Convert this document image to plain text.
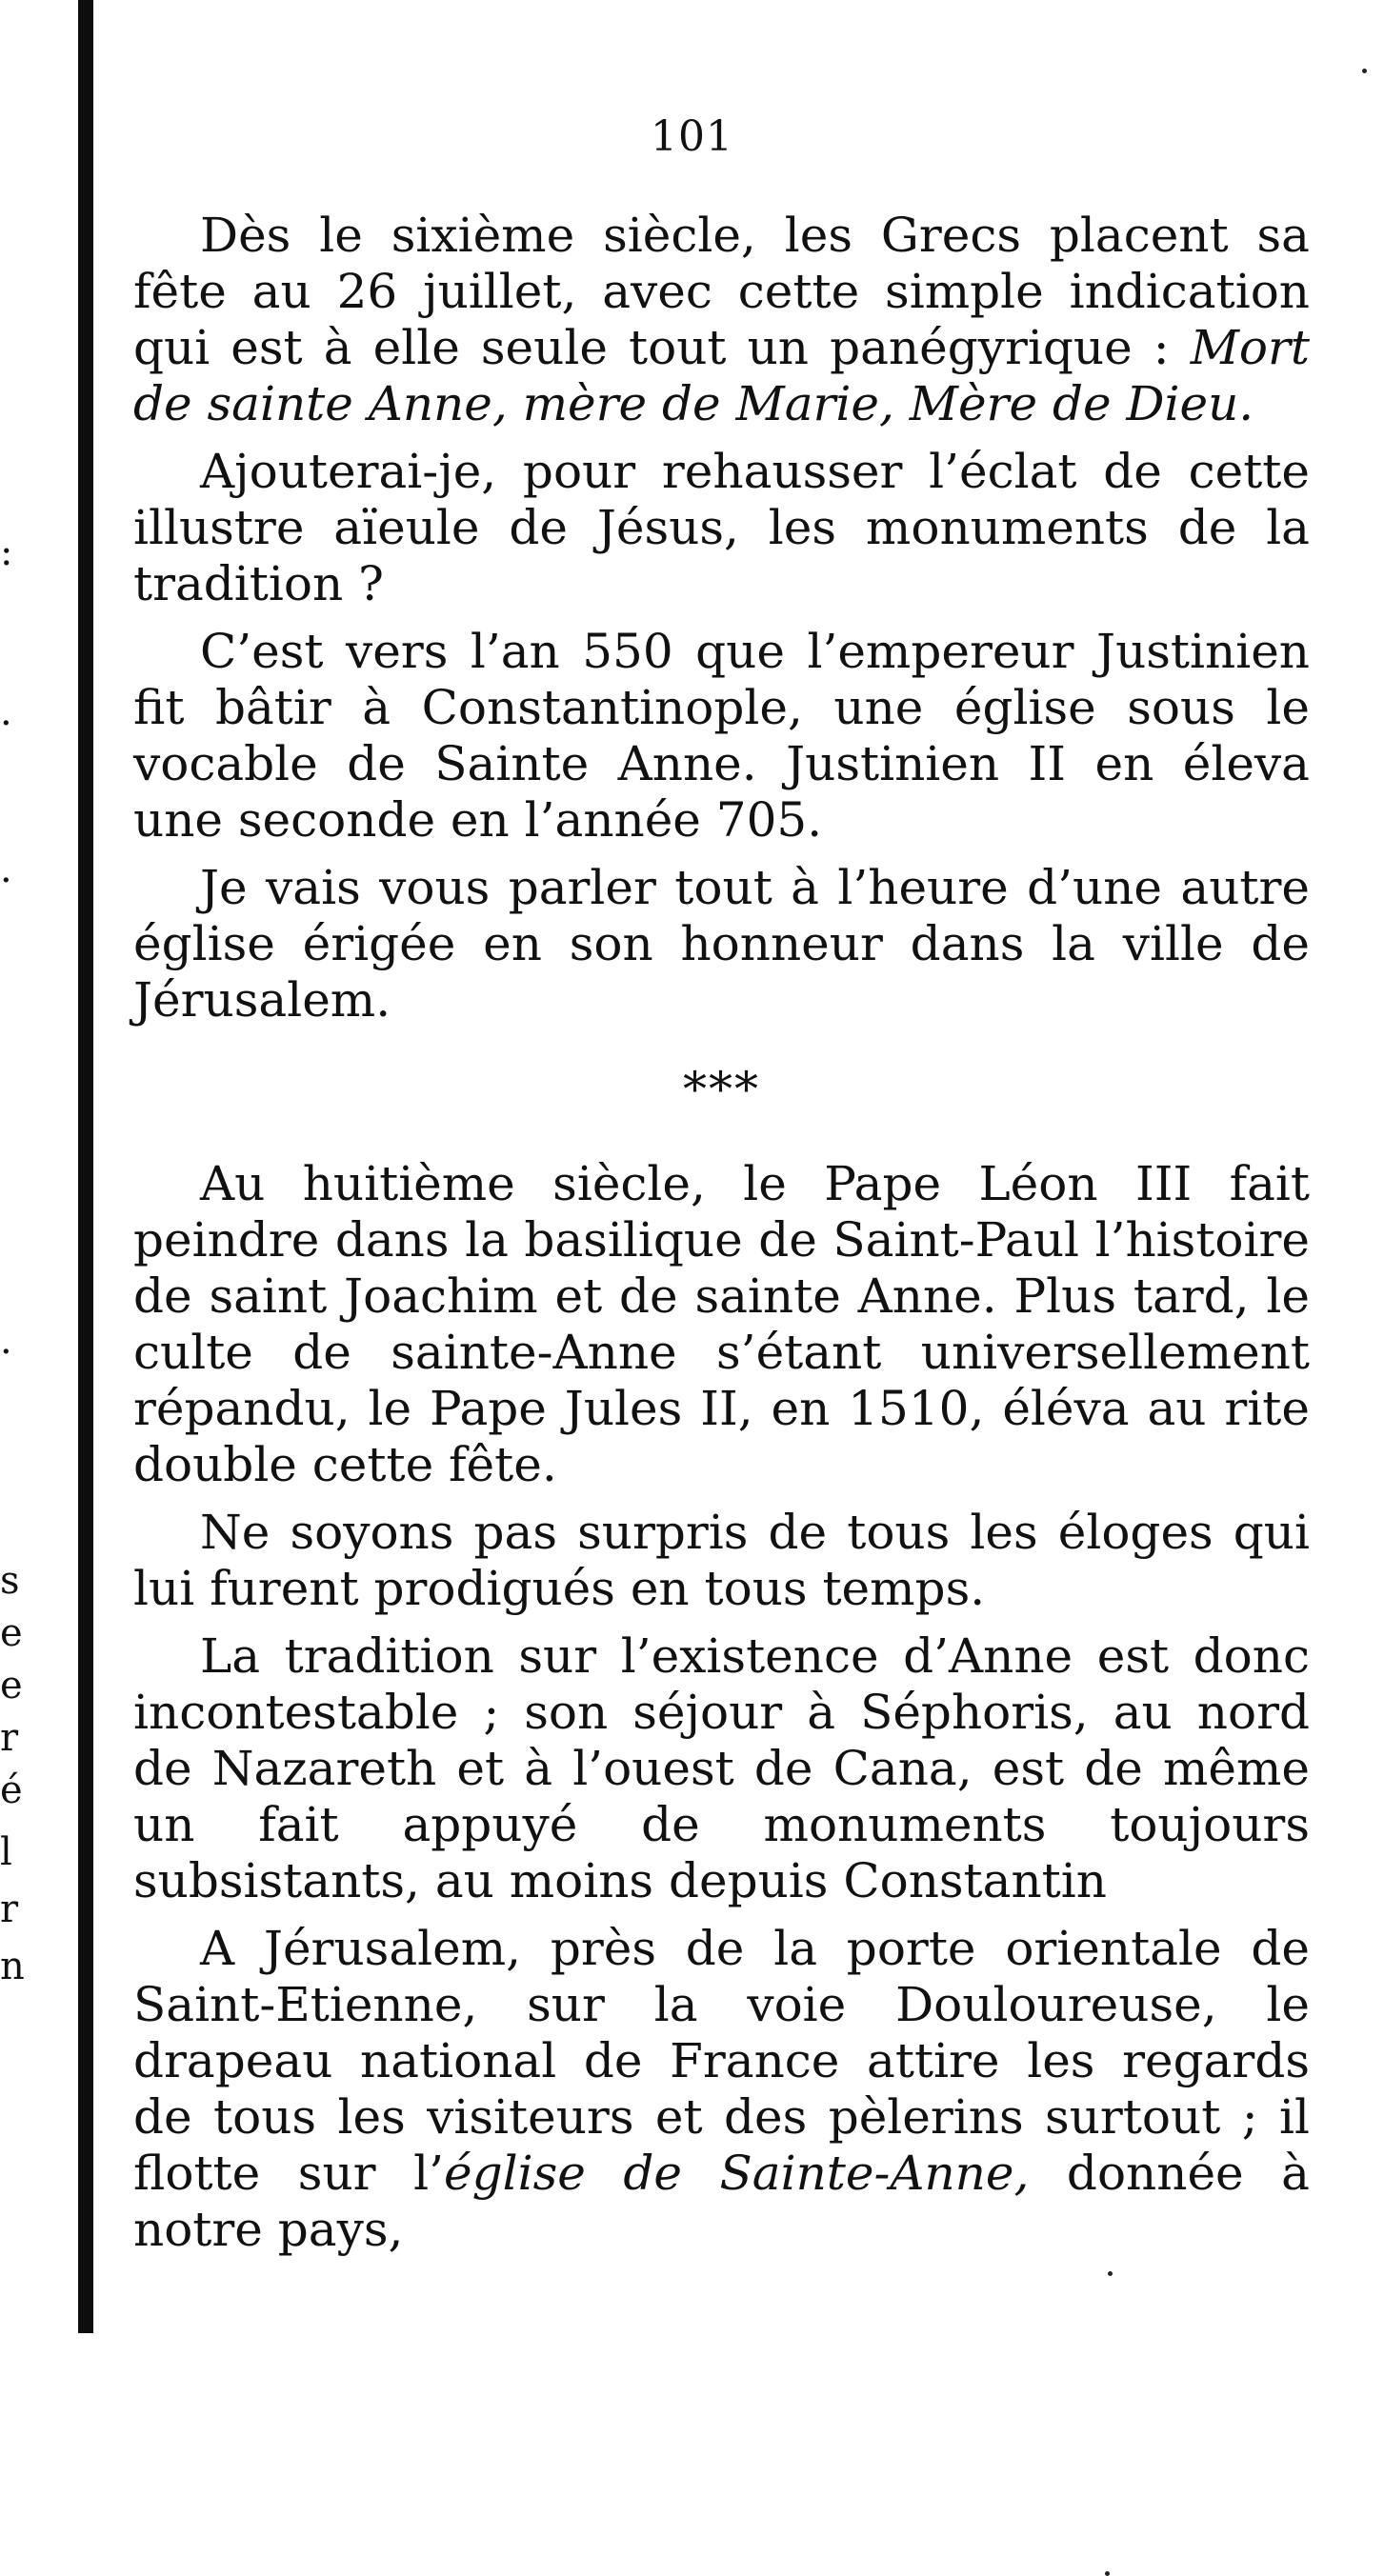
:
·
·
·
s
e
e
r
é
l
r
n
101

Dès le sixième siècle, les Grecs placent sa fête au 26 juillet, avec cette simple indication qui est à elle seule tout un panégyrique : Mort de sainte Anne, mère de Marie, Mère de Dieu.

Ajouterai-je, pour rehausser l’éclat de cette illustre aïeule de Jésus, les monuments de la tradition ?

C’est vers l’an 550 que l’empereur Justinien fit bâtir à Constantinople, une église sous le vocable de Sainte Anne. Justinien II en éleva une seconde en l’année 705.

Je vais vous parler tout à l’heure d’une autre église érigée en son honneur dans la ville de Jérusalem.

***

Au huitième siècle, le Pape Léon III fait peindre dans la basilique de Saint-Paul l’histoire de saint Joachim et de sainte Anne. Plus tard, le culte de sainte-Anne s’étant universellement répandu, le Pape Jules II, en 1510, éléva au rite double cette fête.

Ne soyons pas surpris de tous les éloges qui lui furent prodigués en tous temps.

La tradition sur l’existence d’Anne est donc incontestable ; son séjour à Séphoris, au nord de Nazareth et à l’ouest de Cana, est de même un fait appuyé de monuments toujours subsistants, au moins depuis Constantin

A Jérusalem, près de la porte orientale de Saint-Etienne, sur la voie Douloureuse, le drapeau national de France attire les regards de tous les visiteurs et des pèlerins surtout ; il flotte sur l’église de Sainte-Anne, donnée à notre pays,
